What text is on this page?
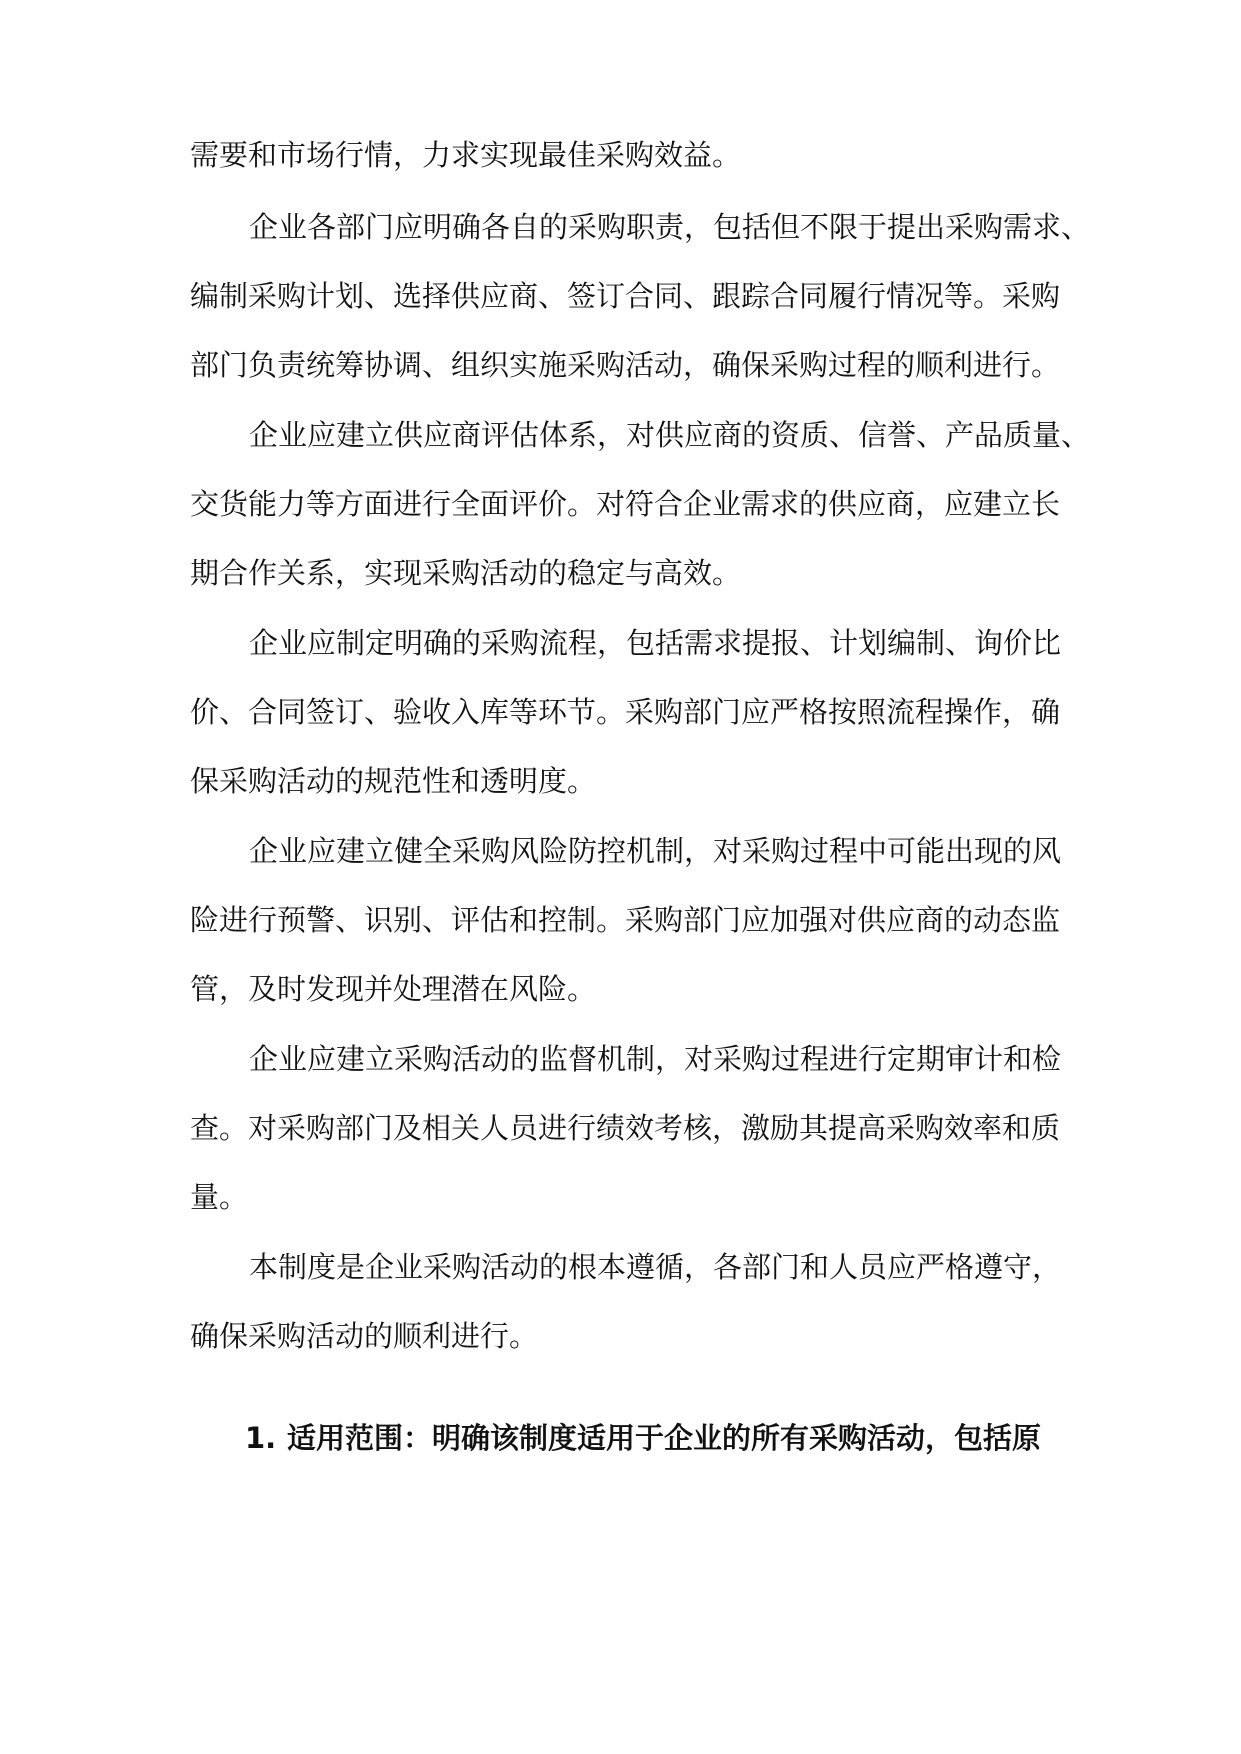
需要和市场行情，力求实现最佳采购效益。
企业各部门应明确各自的采购职责，包括但不限于提出采购需求、
编制采购计划、选择供应商、签订合同、跟踪合同履行情况等。采购
部门负责统筹协调、组织实施采购活动，确保采购过程的顺利进行。
企业应建立供应商评估体系，对供应商的资质、信誉、产品质量、
交货能力等方面进行全面评价。对符合企业需求的供应商，应建立长
期合作关系，实现采购活动的稳定与高效。
企业应制定明确的采购流程，包括需求提报、计划编制、询价比
价、合同签订、验收入库等环节。采购部门应严格按照流程操作，确
保采购活动的规范性和透明度。
企业应建立健全采购风险防控机制，对采购过程中可能出现的风
险进行预警、识别、评估和控制。采购部门应加强对供应商的动态监
管，及时发现并处理潜在风险。
企业应建立采购活动的监督机制，对采购过程进行定期审计和检
查。对采购部门及相关人员进行绩效考核，激励其提高采购效率和质
量。
本制度是企业采购活动的根本遵循，各部门和人员应严格遵守，
确保采购活动的顺利进行。
1. 适用范围：明确该制度适用于企业的所有采购活动，包括原
